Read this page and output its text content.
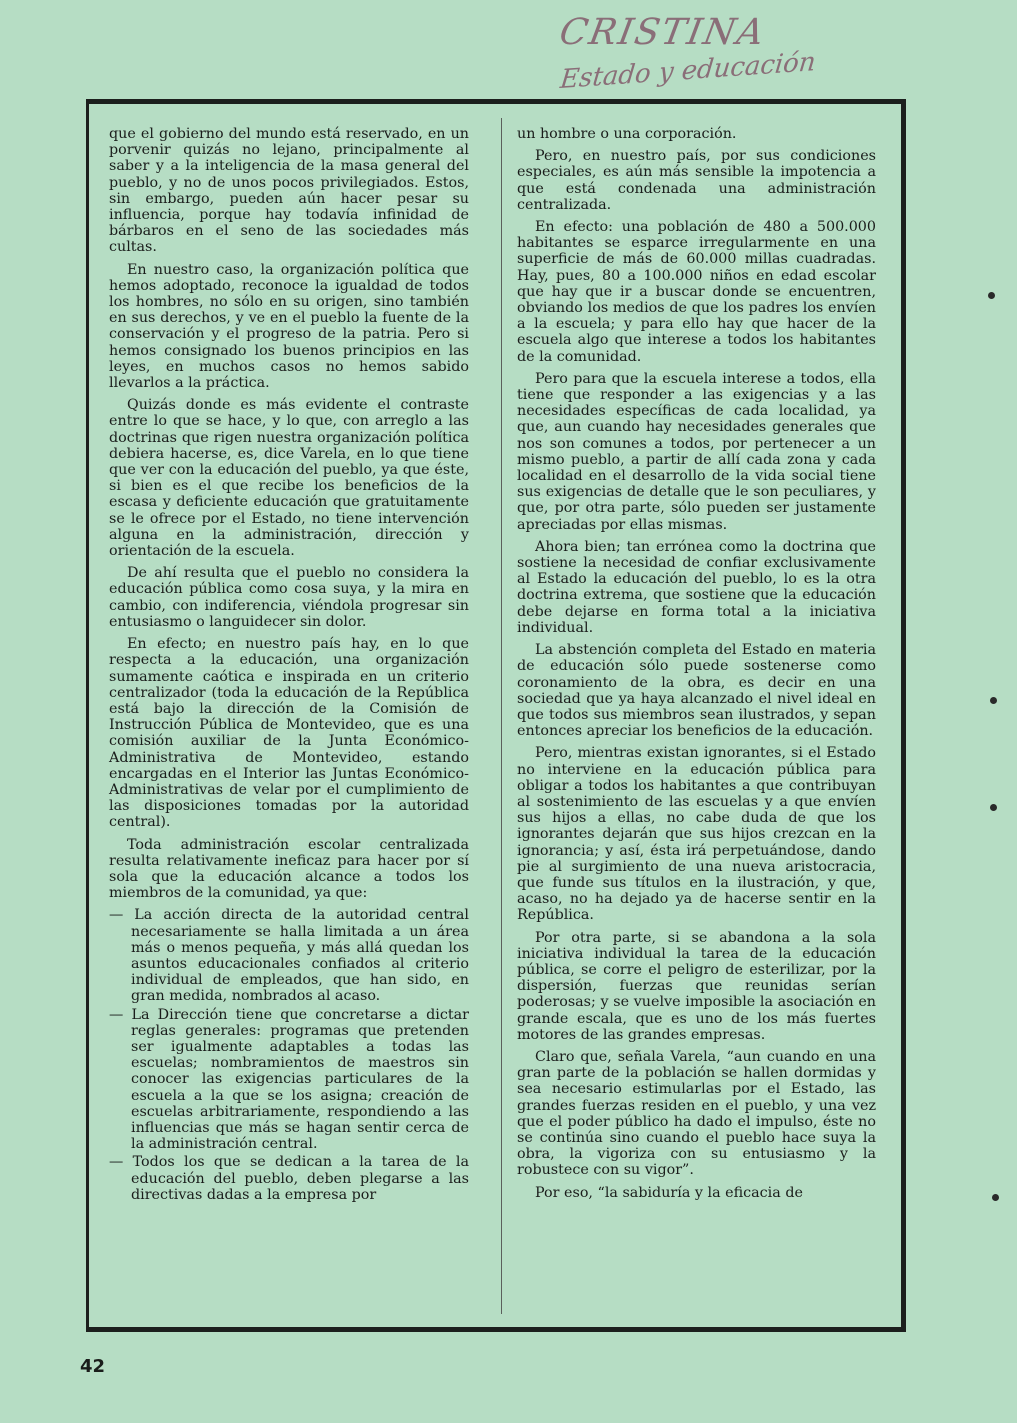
CRISTINA
Estado y educación

que el gobierno del mundo está reservado, en un porvenir quizás no lejano, principalmente al saber y a la inteligencia de la masa general del pueblo, y no de unos pocos privilegiados. Estos, sin embargo, pueden aún hacer pesar su influencia, porque hay todavía infinidad de bárbaros en el seno de las sociedades más cultas.

En nuestro caso, la organización política que hemos adoptado, reconoce la igualdad de todos los hombres, no sólo en su origen, sino también en sus derechos, y ve en el pueblo la fuente de la conservación y el progreso de la patria. Pero si hemos consignado los buenos principios en las leyes, en muchos casos no hemos sabido llevarlos a la práctica.

Quizás donde es más evidente el contraste entre lo que se hace, y lo que, con arreglo a las doctrinas que rigen nuestra organización política debiera hacerse, es, dice Varela, en lo que tiene que ver con la educación del pueblo, ya que éste, si bien es el que recibe los beneficios de la escasa y deficiente educación que gratuitamente se le ofrece por el Estado, no tiene intervención alguna en la administración, dirección y orientación de la escuela.

De ahí resulta que el pueblo no considera la educación pública como cosa suya, y la mira en cambio, con indiferencia, viéndola progresar sin entusiasmo o languidecer sin dolor.

En efecto; en nuestro país hay, en lo que respecta a la educación, una organización sumamente caótica e inspirada en un criterio centralizador (toda la educación de la República está bajo la dirección de la Comisión de Instrucción Pública de Montevideo, que es una comisión auxiliar de la Junta Económico-Administrativa de Montevideo, estando encargadas en el Interior las Juntas Económico-Administrativas de velar por el cumplimiento de las disposiciones tomadas por la autoridad central).

Toda administración escolar centralizada resulta relativamente ineficaz para hacer por sí sola que la educación alcance a todos los miembros de la comunidad, ya que:

— La acción directa de la autoridad central necesariamente se halla limitada a un área más o menos pequeña, y más allá quedan los asuntos educacionales confiados al criterio individual de empleados, que han sido, en gran medida, nombrados al acaso.

— La Dirección tiene que concretarse a dictar reglas generales: programas que pretenden ser igualmente adaptables a todas las escuelas; nombramientos de maestros sin conocer las exigencias particulares de la escuela a la que se los asigna; creación de escuelas arbitrariamente, respondiendo a las influencias que más se hagan sentir cerca de la administración central.

— Todos los que se dedican a la tarea de la educación del pueblo, deben plegarse a las directivas dadas a la empresa por

un hombre o una corporación.

Pero, en nuestro país, por sus condiciones especiales, es aún más sensible la impotencia a que está condenada una administración centralizada.

En efecto: una población de 480 a 500.000 habitantes se esparce irregularmente en una superficie de más de 60.000 millas cuadradas. Hay, pues, 80 a 100.000 niños en edad escolar que hay que ir a buscar donde se encuentren, obviando los medios de que los padres los envíen a la escuela; y para ello hay que hacer de la escuela algo que interese a todos los habitantes de la comunidad.

Pero para que la escuela interese a todos, ella tiene que responder a las exigencias y a las necesidades específicas de cada localidad, ya que, aun cuando hay necesidades generales que nos son comunes a todos, por pertenecer a un mismo pueblo, a partir de allí cada zona y cada localidad en el desarrollo de la vida social tiene sus exigencias de detalle que le son peculiares, y que, por otra parte, sólo pueden ser justamente apreciadas por ellas mismas.

Ahora bien; tan errónea como la doctrina que sostiene la necesidad de confiar exclusivamente al Estado la educación del pueblo, lo es la otra doctrina extrema, que sostiene que la educación debe dejarse en forma total a la iniciativa individual.

La abstención completa del Estado en materia de educación sólo puede sostenerse como coronamiento de la obra, es decir en una sociedad que ya haya alcanzado el nivel ideal en que todos sus miembros sean ilustrados, y sepan entonces apreciar los beneficios de la educación.

Pero, mientras existan ignorantes, si el Estado no interviene en la educación pública para obligar a todos los habitantes a que contribuyan al sostenimiento de las escuelas y a que envíen sus hijos a ellas, no cabe duda de que los ignorantes dejarán que sus hijos crezcan en la ignorancia; y así, ésta irá perpetuándose, dando pie al surgimiento de una nueva aristocracia, que funde sus títulos en la ilustración, y que, acaso, no ha dejado ya de hacerse sentir en la República.

Por otra parte, si se abandona a la sola iniciativa individual la tarea de la educación pública, se corre el peligro de esterilizar, por la dispersión, fuerzas que reunidas serían poderosas; y se vuelve imposible la asociación en grande escala, que es uno de los más fuertes motores de las grandes empresas.

Claro que, señala Varela, “aun cuando en una gran parte de la población se hallen dormidas y sea necesario estimularlas por el Estado, las grandes fuerzas residen en el pueblo, y una vez que el poder público ha dado el impulso, éste no se continúa sino cuando el pueblo hace suya la obra, la vigoriza con su entusiasmo y la robustece con su vigor”.

Por eso, “la sabiduría y la eficacia de

42
